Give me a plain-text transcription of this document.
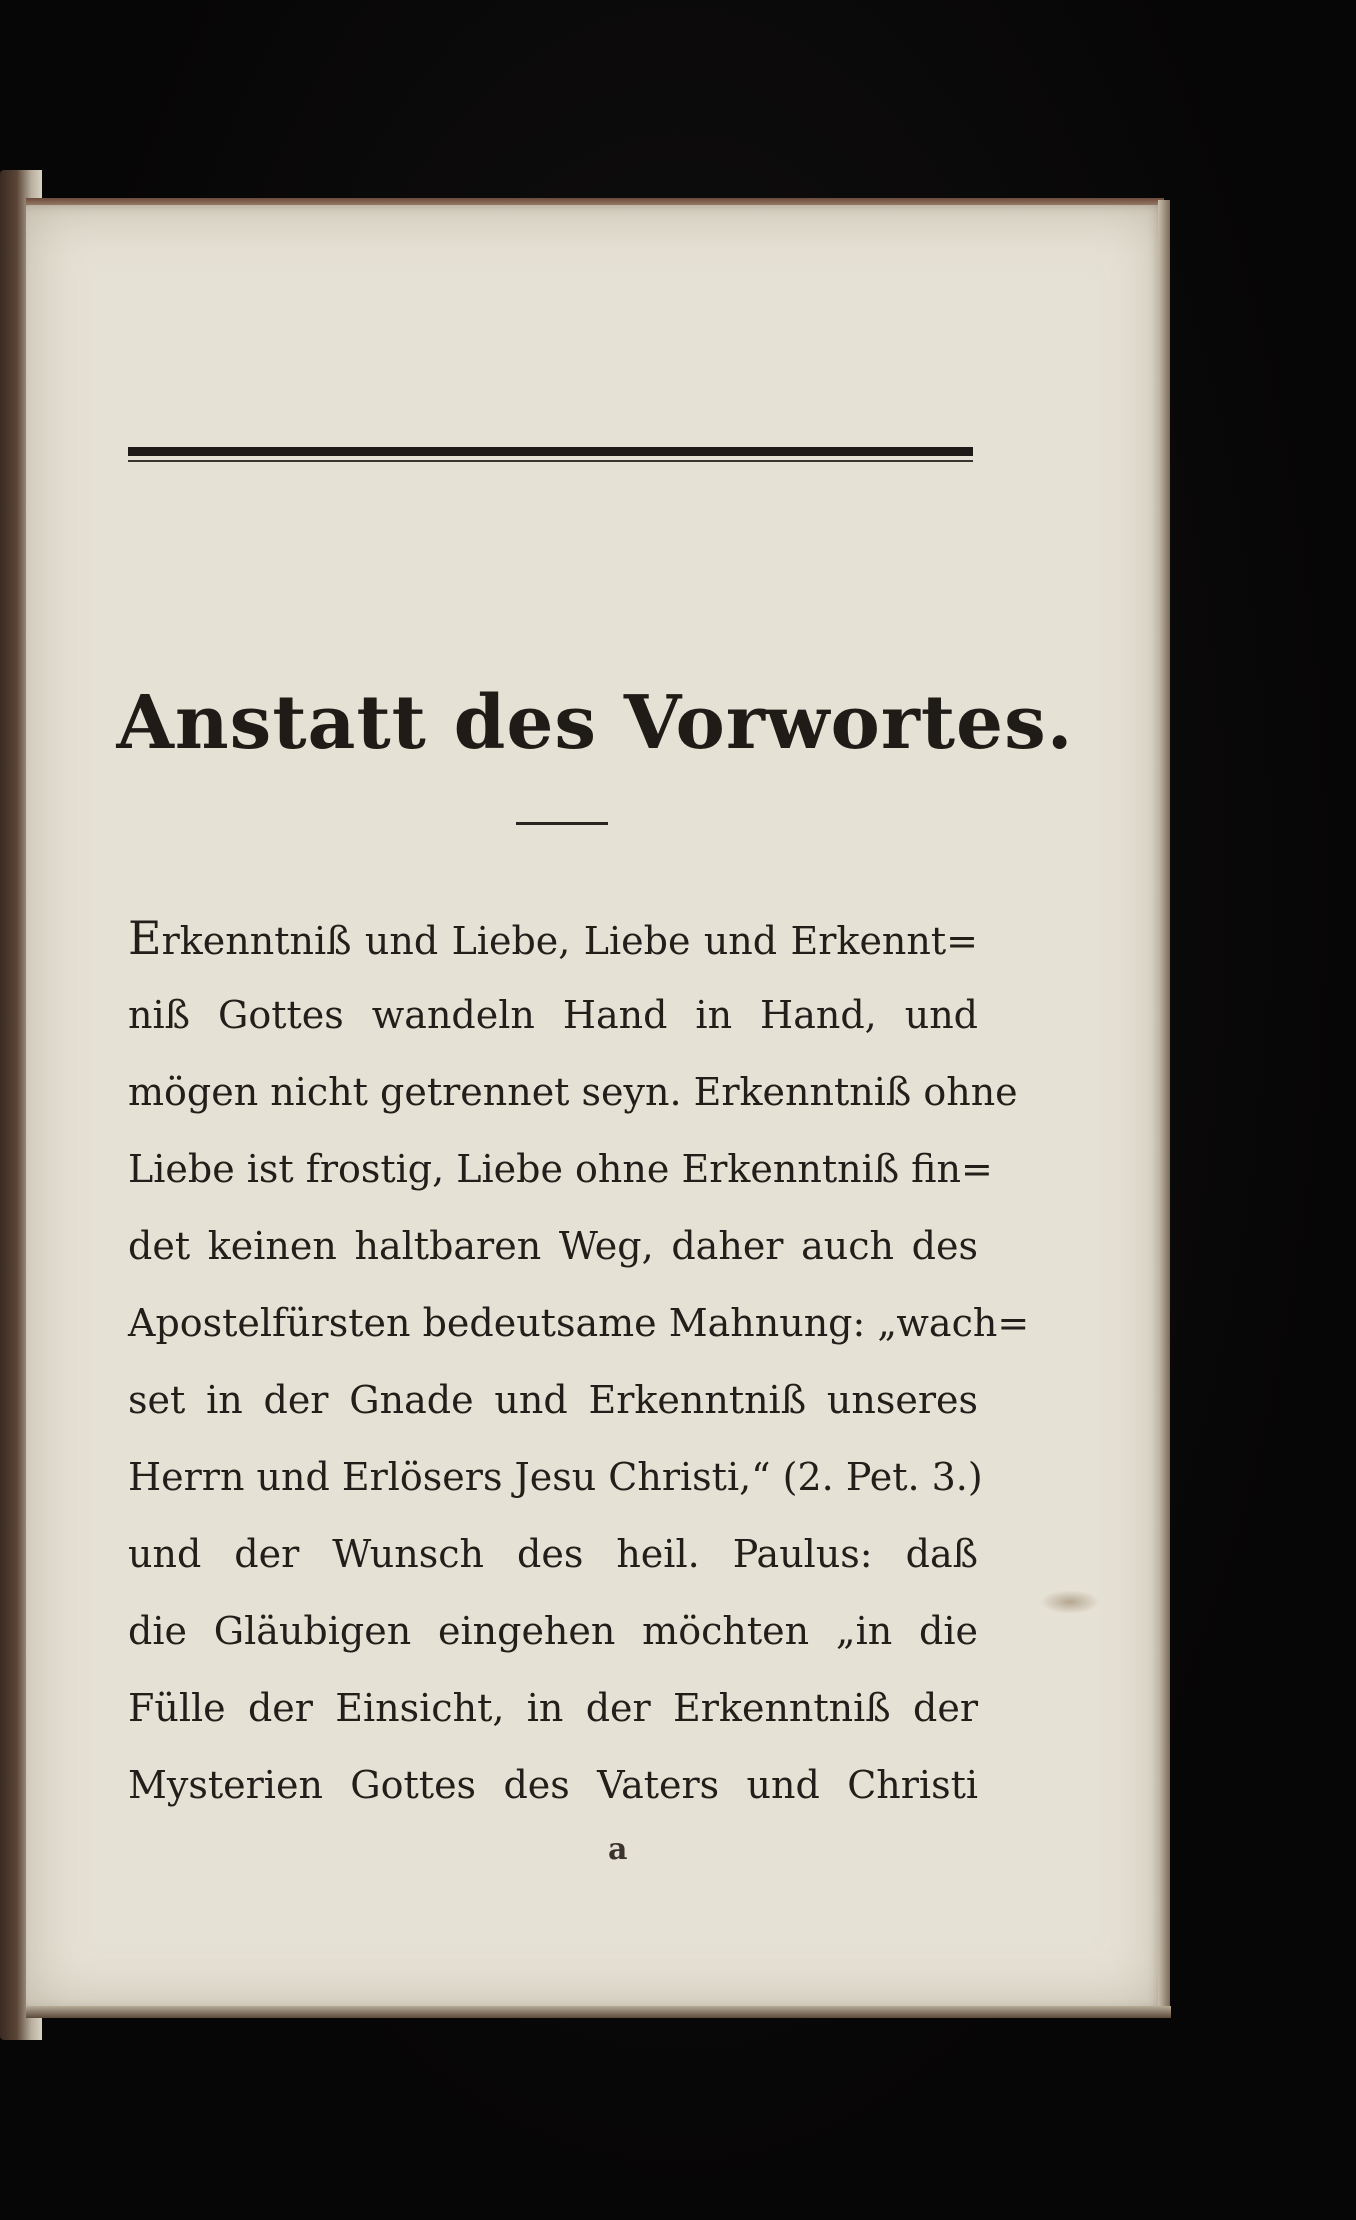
Anstatt des Vorwortes.
Erkenntniß und Liebe, Liebe und Erkennt=
niß Gottes wandeln Hand in Hand, und
mögen nicht getrennet seyn. Erkenntniß ohne
Liebe ist frostig, Liebe ohne Erkenntniß fin=
det keinen haltbaren Weg, daher auch des
Apostelfürsten bedeutsame Mahnung: „wach=
set in der Gnade und Erkenntniß unseres
Herrn und Erlösers Jesu Christi,“ (2. Pet. 3.)
und der Wunsch des heil. Paulus: daß
die Gläubigen eingehen möchten „in die
Fülle der Einsicht, in der Erkenntniß der
Mysterien Gottes des Vaters und Christi
a
